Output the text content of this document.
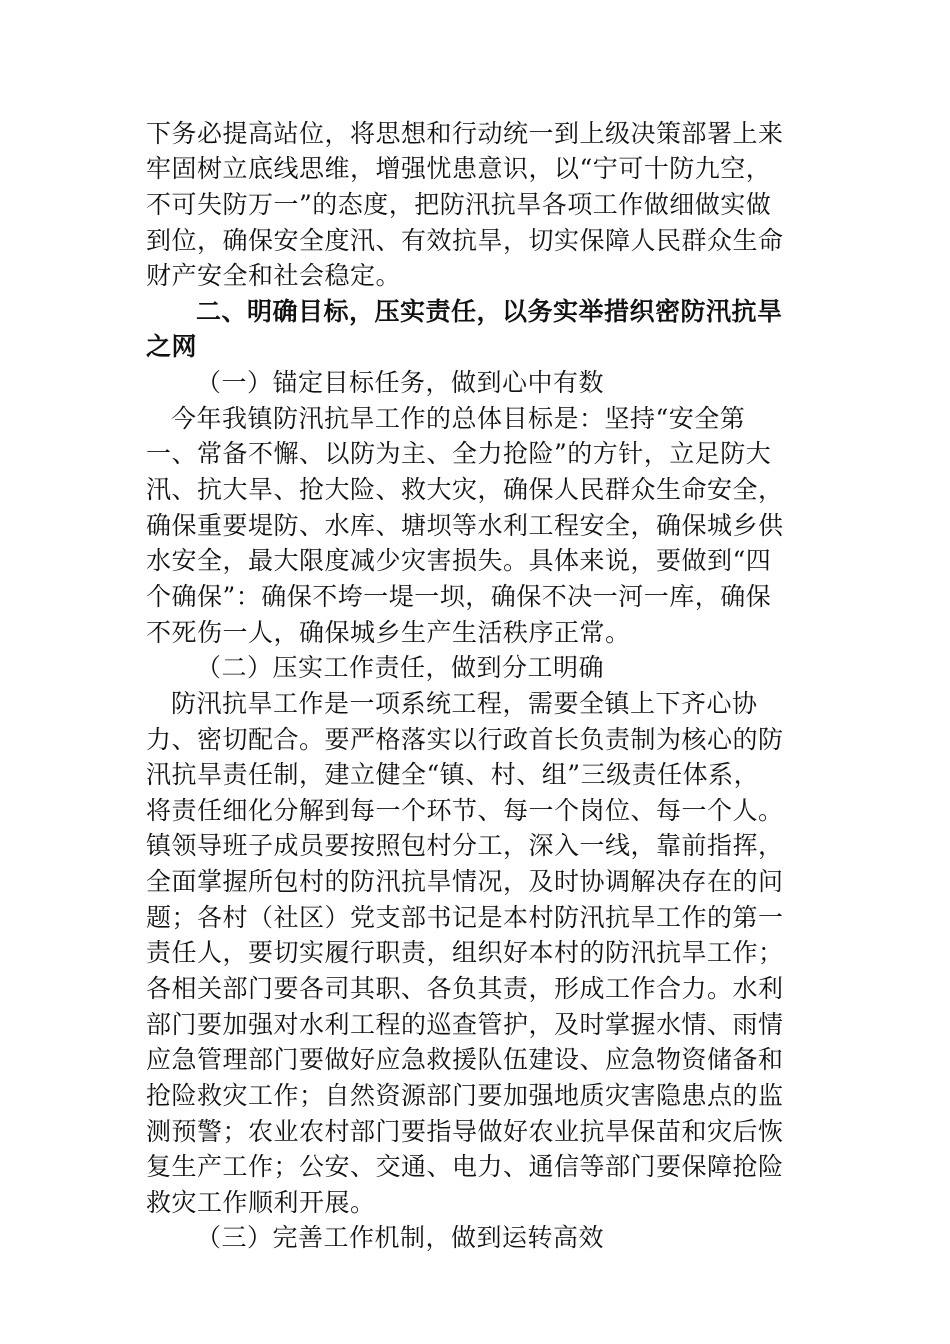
下务必提高站位，将思想和行动统一到上级决策部署上来
牢固树立底线思维，增强忧患意识，以“宁可十防九空，
不可失防万一”的态度，把防汛抗旱各项工作做细做实做
到位，确保安全度汛、有效抗旱，切实保障人民群众生命
财产安全和社会稳定。
二、明确目标，压实责任，以务实举措织密防汛抗旱
之网
（一）锚定目标任务，做到心中有数
今年我镇防汛抗旱工作的总体目标是：坚持“安全第
一、常备不懈、以防为主、全力抢险”的方针，立足防大
汛、抗大旱、抢大险、救大灾，确保人民群众生命安全，
确保重要堤防、水库、塘坝等水利工程安全，确保城乡供
水安全，最大限度减少灾害损失。具体来说，要做到“四
个确保”：确保不垮一堤一坝，确保不决一河一库，确保
不死伤一人，确保城乡生产生活秩序正常。
（二）压实工作责任，做到分工明确
防汛抗旱工作是一项系统工程，需要全镇上下齐心协
力、密切配合。要严格落实以行政首长负责制为核心的防
汛抗旱责任制，建立健全“镇、村、组”三级责任体系，
将责任细化分解到每一个环节、每一个岗位、每一个人。
镇领导班子成员要按照包村分工，深入一线，靠前指挥，
全面掌握所包村的防汛抗旱情况，及时协调解决存在的问
题；各村（社区）党支部书记是本村防汛抗旱工作的第一
责任人，要切实履行职责，组织好本村的防汛抗旱工作；
各相关部门要各司其职、各负其责，形成工作合力。水利
部门要加强对水利工程的巡查管护，及时掌握水情、雨情
应急管理部门要做好应急救援队伍建设、应急物资储备和
抢险救灾工作；自然资源部门要加强地质灾害隐患点的监
测预警；农业农村部门要指导做好农业抗旱保苗和灾后恢
复生产工作；公安、交通、电力、通信等部门要保障抢险
救灾工作顺利开展。
（三）完善工作机制，做到运转高效
